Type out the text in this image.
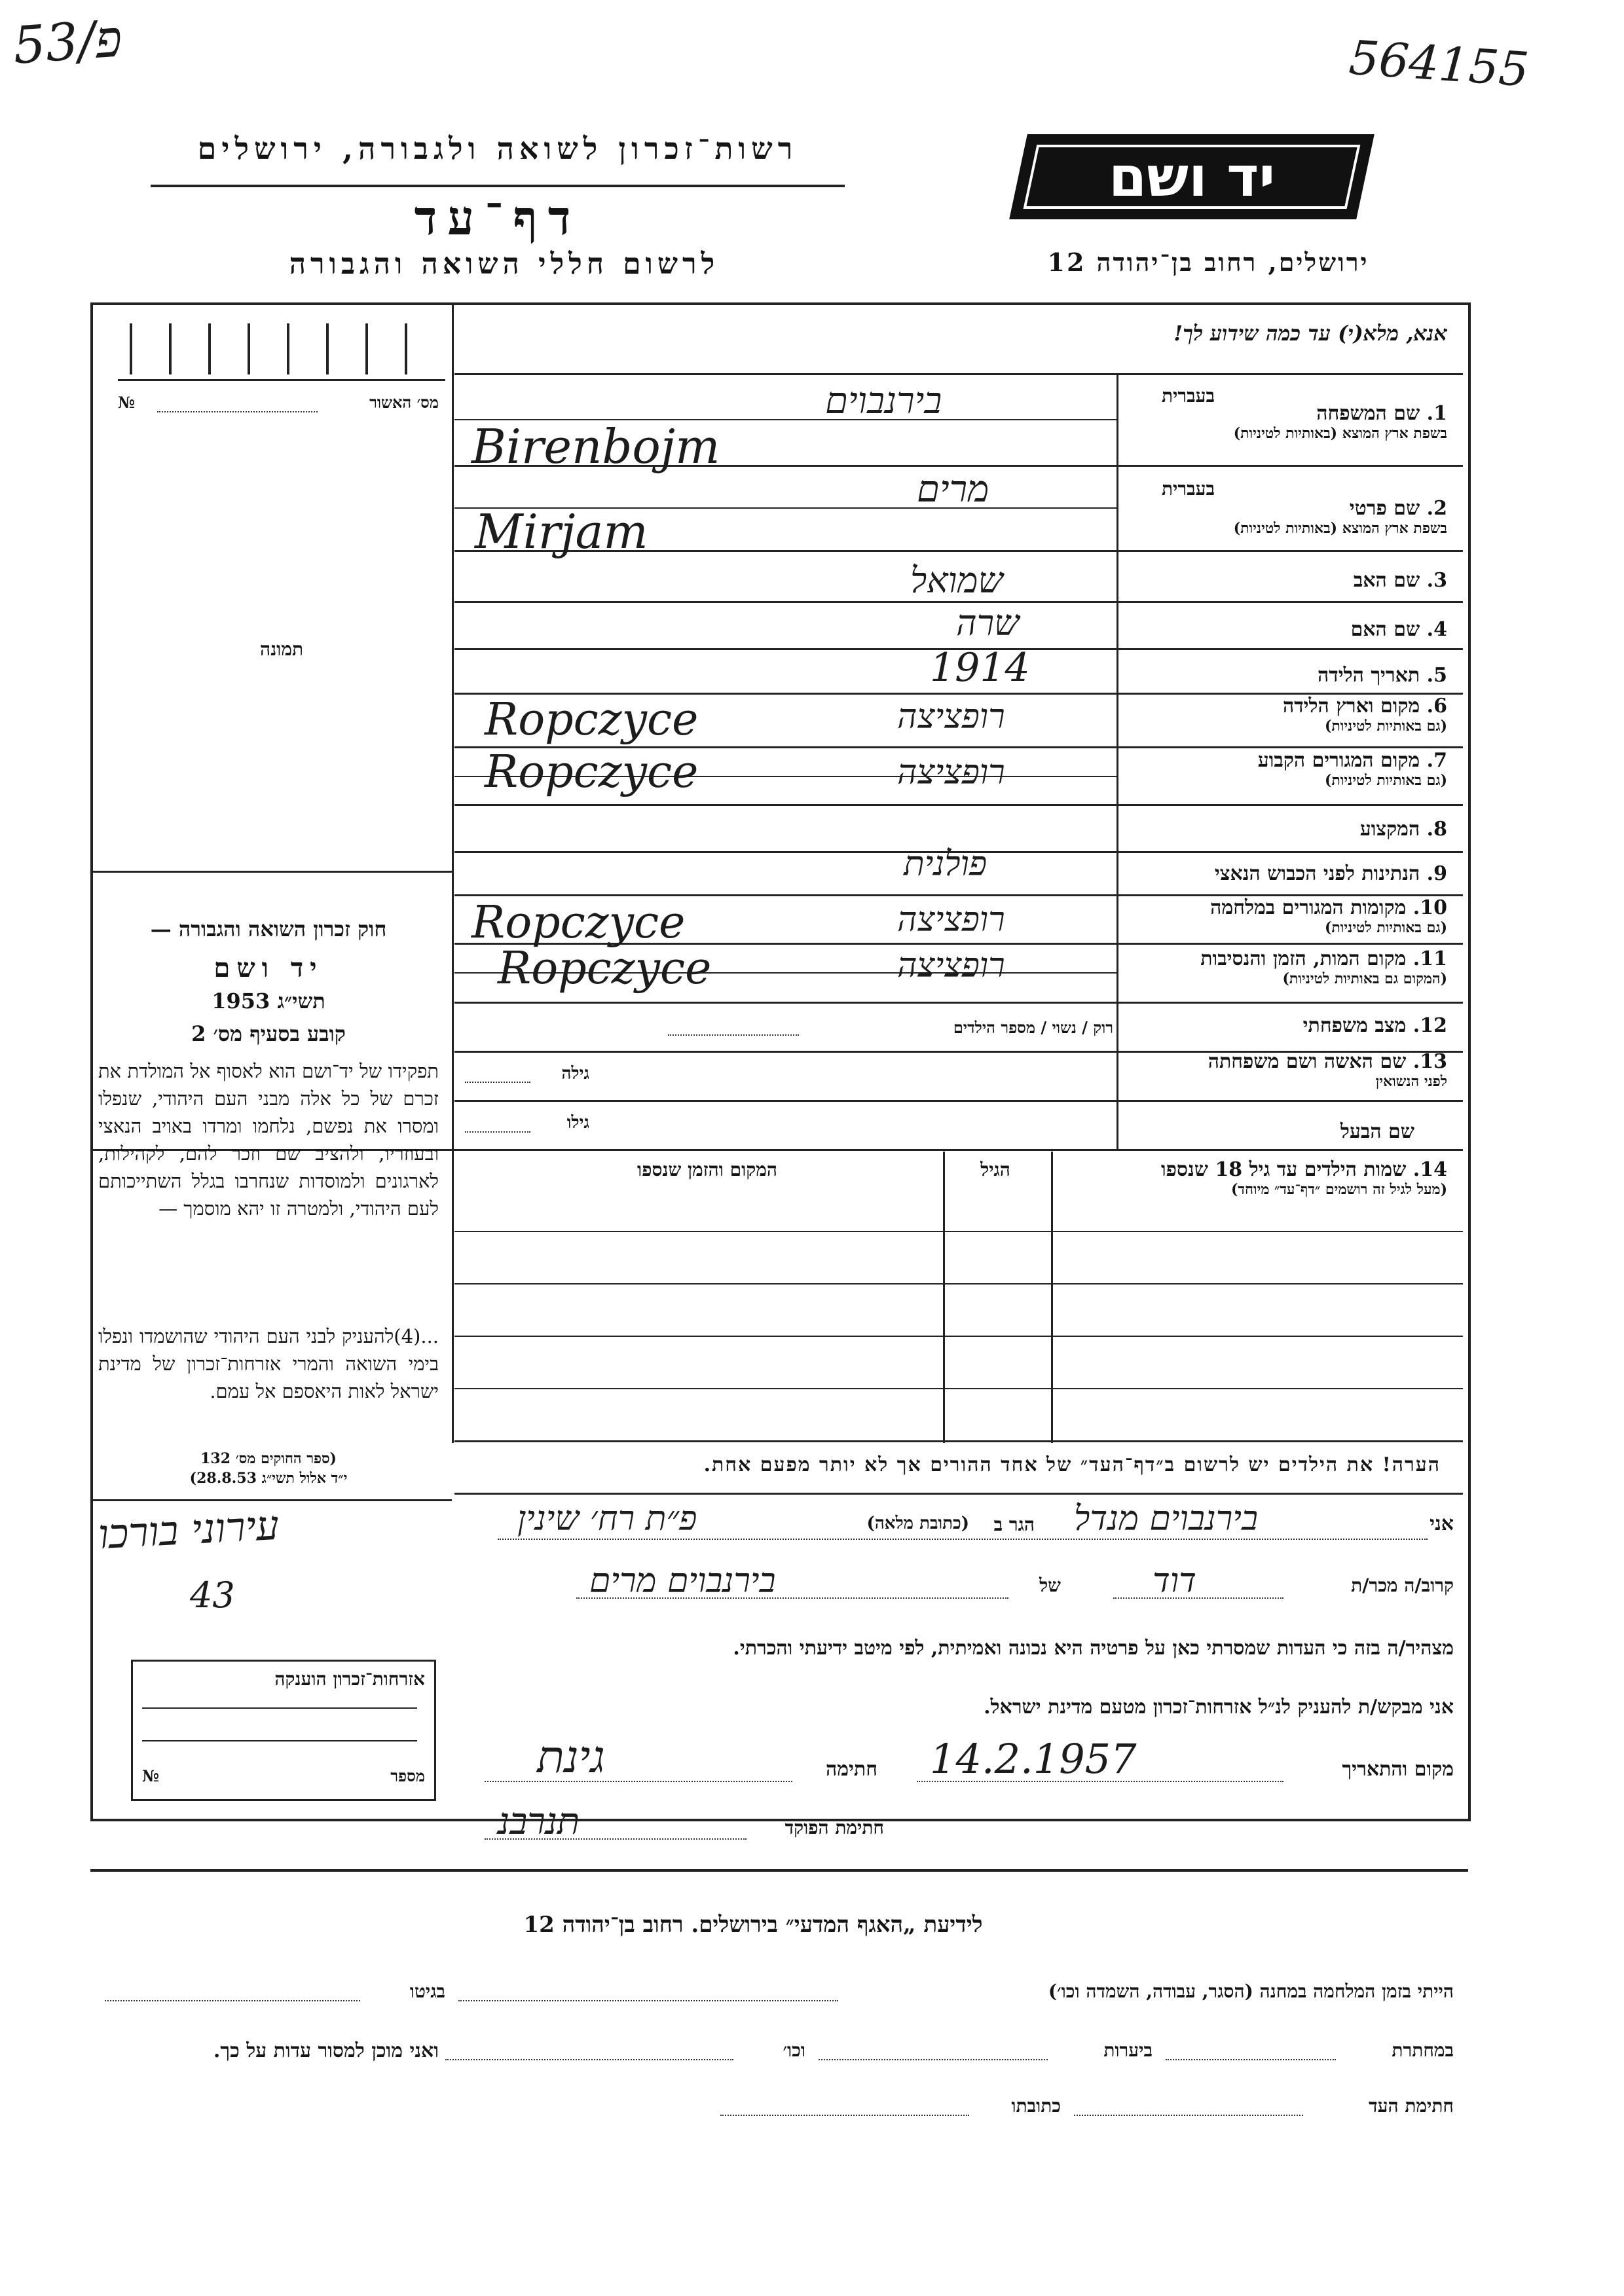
53/פ	564155
רשות־זכרון לשואה ולגבורה, ירושלים
דף־עד
לרשום חללי השואה והגבורה
יד ושם
ירושלים, רחוב בן־יהודה 12
אנא, מלא(י) עד כמה שידוע לך!
מס׳ האשור
№
תמונה
בעברית
1. שם המשפחה
בשפת ארץ המוצא (באותיות לטיניות)
בעברית
2. שם פרטי
בשפת ארץ המוצא (באותיות לטיניות)
3. שם האב
4. שם האם
5. תאריך הלידה
6. מקום וארץ הלידה
(גם באותיות לטיניות)
7. מקום המגורים הקבוע
(גם באותיות לטיניות)
8. המקצוע
9. הנתינות לפני הכבוש הנאצי
10. מקומות המגורים במלחמה
(גם באותיות לטיניות)
11. מקום המות, הזמן והנסיבות
(המקום גם באותיות לטיניות)
12. מצב משפחתי
13. שם האשה ושם משפחתה
לפני הנשואין
שם הבעל
בירנבוים
Birenbojm
מרים
Mirjam
שמואל
שרה
1914
רופציצה
Ropczyce
רופציצה
Ropczyce
פולנית
רופציצה
Ropczyce
רופציצה
Ropczyce
רוק / נשוי / מספר הילדים
גילה
גילו
14. שמות הילדים עד גיל 18 שנספו
(מעל לגיל זה רושמים ״דף־עד״ מיוחד)
הגיל
המקום והזמן שנספו
חוק זכרון השואה והגבורה —
יד ושם
1953 תשי״ג
קובע בסעיף מס׳ 2
תפקידו של יד־ושם הוא לאסוף אל המולדת את זכרם של כל אלה מבני העם היהודי, שנפלו ומסרו את נפשם, נלחמו ומרדו באויב הנאצי ובעוזריו, ולהציב שם וזכר להם, לקהילות, לארגונים ולמוסדות שנחרבו בגלל השתייכותם לעם היהודי, ולמטרה זו יהא מוסמך —
...(4)להעניק לבני העם היהודי שהושמדו ונפלו בימי השואה והמרי אזרחות־זכרון של מדינת ישראל לאות היאספם אל עמם.
(ספר החוקים מס׳ 132
י״ד אלול תשי״ג 28.8.53)
הערה! את הילדים יש לרשום ב״דף־העד״ של אחד ההורים אך לא יותר מפעם אחת.
אני
בירנבוים מנדל
הגר ב
(כתובת מלאה)
פ״ת רח׳ שינין
עירוני בורכו
43	קרוב/ה מכר/ת
דוד
של
בירנבוים מרים
מצהיר/ה בזה כי העדות שמסרתי כאן על פרטיה היא נכונה ואמיתית, לפי מיטב ידיעתי והכרתי.
אני מבקש/ת להעניק לנ״ל אזרחות־זכרון מטעם מדינת ישראל.
מקום והתאריך
14.2.1957
חתימה
גינת
חתימת הפוקד
תנרבנ
אזרחות־זכרון הוענקה
מספר
№
לידיעת „האגף המדעי״ בירושלים. רחוב בן־יהודה 12
הייתי בזמן המלחמה במחנה (הסגר, עבודה, השמדה וכו׳)
בגיטו
במחתרת
ביערות
וכו׳
ואני מוכן למסור עדות על כך.
חתימת העד
כתובתו
